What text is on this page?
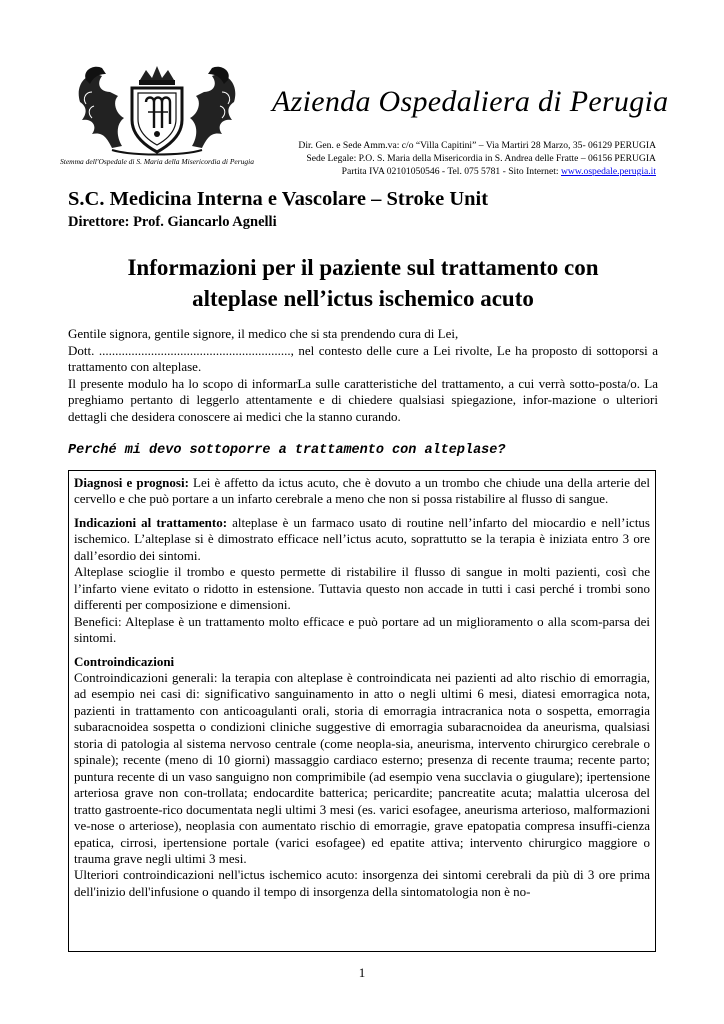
Stemma dell'Ospedale di S. Maria della Misericordia di Perugia
Azienda Ospedaliera di Perugia
Dir. Gen. e Sede Amm.va: c/o “Villa Capitini” – Via Martiri 28 Marzo, 35- 06129 PERUGIA
Sede Legale: P.O. S. Maria della Misericordia in S. Andrea delle Fratte – 06156 PERUGIA
Partita IVA 02101050546 - Tel. 075 5781 - Sito Internet: www.ospedale.perugia.it
S.C. Medicina Interna e Vascolare – Stroke Unit
Direttore: Prof. Giancarlo Agnelli
Informazioni per il paziente sul trattamento con
alteplase nell’ictus ischemico acuto

Gentile signora, gentile signore, il medico che si sta prendendo cura di Lei,

Dott. ..........................................................., nel contesto delle cure a Lei rivolte, Le ha proposto di sottoporsi a trattamento con alteplase.

Il presente modulo ha lo scopo di informarLa sulle caratteristiche del trattamento, a cui verrà sotto-posta/o. La preghiamo pertanto di leggerlo attentamente e di chiedere qualsiasi spiegazione, infor-mazione o ulteriori dettagli che desidera conoscere ai medici che la stanno curando.

Perché mi devo sottoporre a trattamento con alteplase?

Diagnosi e prognosi: Lei è affetto da ictus acuto, che è dovuto a un trombo che chiude una della arterie del cervello e che può portare a un infarto cerebrale a meno che non si possa ristabilire al flusso di sangue.

Indicazioni al trattamento: alteplase è un farmaco usato di routine nell’infarto del miocardio e nell’ictus ischemico. L’alteplase si è dimostrato efficace nell’ictus acuto, soprattutto se la terapia è iniziata entro 3 ore dall’esordio dei sintomi.

Alteplase scioglie il trombo e questo permette di ristabilire il flusso di sangue in molti pazienti, così che l’infarto viene evitato o ridotto in estensione. Tuttavia questo non accade in tutti i casi perché i trombi sono differenti per composizione e dimensioni.

Benefici: Alteplase è un trattamento molto efficace e può portare ad un miglioramento o alla scom-parsa dei sintomi.

Controindicazioni

Controindicazioni generali: la terapia con alteplase è controindicata nei pazienti ad alto rischio di emorragia, ad esempio nei casi di: significativo sanguinamento in atto o negli ultimi 6 mesi, diatesi emorragica nota, pazienti in trattamento con anticoagulanti orali, storia di emorragia intracranica nota o sospetta, emorragia subaracnoidea sospetta o condizioni cliniche suggestive di emorragia subaracnoidea da aneurisma, qualsiasi storia di patologia al sistema nervoso centrale (come neopla-sia, aneurisma, intervento chirurgico cerebrale o spinale); recente (meno di 10 giorni) massaggio cardiaco esterno; presenza di recente trauma; recente parto; puntura recente di un vaso sanguigno non comprimibile (ad esempio vena succlavia o giugulare); ipertensione arteriosa grave non con-trollata; endocardite batterica; pericardite; pancreatite acuta; malattia ulcerosa del tratto gastroente-rico documentata negli ultimi 3 mesi (es. varici esofagee, aneurisma arterioso, malformazioni ve-nose o arteriose), neoplasia con aumentato rischio di emorragie, grave epatopatia compresa insuffi-cienza epatica, cirrosi, ipertensione portale (varici esofagee) ed epatite attiva; intervento chirurgico maggiore o trauma grave negli ultimi 3 mesi.

Ulteriori controindicazioni nell'ictus ischemico acuto: insorgenza dei sintomi cerebrali da più di 3 ore prima dell'inizio dell'infusione o quando il tempo di insorgenza della sintomatologia non è no-

1
